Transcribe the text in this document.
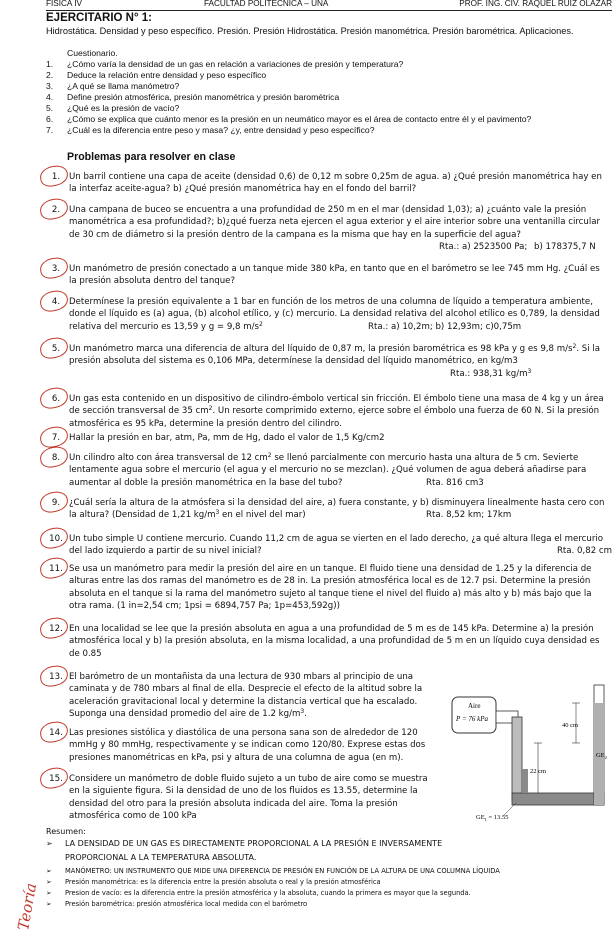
FÍSICA IV	FACULTAD POLITECNICA – UNA	PROF. ING. CIV. RAQUEL RUIZ OLAZAR
EJERCITARIO N° 1:
Hidrostática. Densidad y peso específico. Presión. Presión Hidrostática. Presión manométrica. Presión barométrica. Aplicaciones.
Cuestionario.
1. ¿Cómo varía la densidad de un gas en relación a variaciones de presión y temperatura?
2. Deduce la relación entre densidad y peso específico
3. ¿A qué se llama manómetro?
4. Define presión atmosférica, presión manométrica y presión barométrica
5. ¿Qué es la presión de vacío?
6. ¿Cómo se explica que cuánto menor es la presión en un neumático mayor es el área de contacto entre él y el pavimento?
7. ¿Cuál es la diferencia entre peso y masa? ¿y, entre densidad y peso específico?
Problemas para resolver en clase
1.	Un barril contiene una capa de aceite (densidad 0,6) de 0,12 m sobre 0,25m de agua. a) ¿Qué presión manométrica hay en
la interfaz aceite-agua? b) ¿Qué presión manométrica hay en el fondo del barril?
2.	Una campana de buceo se encuentra a una profundidad de 250 m en el mar (densidad 1,03); a) ¿cuánto vale la presión
manométrica a esa profundidad?; b)¿qué fuerza neta ejercen el agua exterior y el aire interior sobre una ventanilla circular
de 30 cm de diámetro si la presión dentro de la campana es la misma que hay en la superficie del agua?
Rta.: a) 2523500 Pa; b) 178375,7 N
3.	Un manómetro de presión conectado a un tanque mide 380 kPa, en tanto que en el barómetro se lee 745 mm Hg. ¿Cuál es
la presión absoluta dentro del tanque?
4.	Determínese la presión equivalente a 1 bar en función de los metros de una columna de líquido a temperatura ambiente,
donde el líquido es (a) agua, (b) alcohol etílico, y (c) mercurio. La densidad relativa del alcohol etílico es 0,789, la densidad
relativa del mercurio es 13,59 y g = 9,8 $m/s^2$	Rta.: a) 10,2m; b) 12,93m; c)0,75m
5.	Un manómetro marca una diferencia de altura del líquido de 0,87 m, la presión barométrica es 98 kPa y g es 9,8 $m/s^2$. Si la
presión absoluta del sistema es 0,106 MPa, determínese la densidad del líquido manométrico, en kg/m3
Rta.: 938,31 $kg/m^3$
6.	Un gas esta contenido en un dispositivo de cilindro-émbolo vertical sin fricción. El émbolo tiene una masa de 4 kg y un área
de sección transversal de 35 $cm^2$. Un resorte comprimido externo, ejerce sobre el émbolo una fuerza de 60 N. Si la presión
atmosférica es 95 kPa, determine la presión dentro del cilindro.
7.	Hallar la presión en bar, atm, Pa, mm de Hg, dado el valor de 1,5 Kg/cm2
8.	Un cilindro alto con área transversal de 12 $cm^2$ se llenó parcialmente con mercurio hasta una altura de 5 cm. Sevierte
lentamente agua sobre el mercurio (el agua y el mercurio no se mezclan). ¿Qué volumen de agua deberá añadirse para
aumentar al doble la presión manométrica en la base del tubo?	Rta. 816 cm3
9.	¿Cuál sería la altura de la atmósfera si la densidad del aire, a) fuera constante, y b) disminuyera linealmente hasta cero con
la altura? (Densidad de 1,21 $kg/m^3$ en el nivel del mar)	Rta. 8,52 km; 17km
10. Un tubo simple U contiene mercurio. Cuando 11,2 cm de agua se vierten en el lado derecho, ¿a qué altura llega el mercurio
del lado izquierdo a partir de su nivel inicial?	Rta. 0,82 cm
11. Se usa un manómetro para medir la presión del aire en un tanque. El fluido tiene una densidad de 1.25 y la diferencia de
alturas entre las dos ramas del manómetro es de 28 in. La presión atmosférica local es de 12.7 psi. Determine la presión
absoluta en el tanque si la rama del manómetro sujeto al tanque tiene el nivel del fluido a) más alto y b) más bajo que la
otra rama. (1 in=2,54 cm; 1psi = 6894,757 Pa; 1p=453,592g))
12. En una localidad se lee que la presión absoluta en agua a una profundidad de 5 m es de 145 kPa. Determine a) la presión
atmosférica local y b) la presión absoluta, en la misma localidad, a una profundidad de 5 m en un líquido cuya densidad es
de 0.85
13. El barómetro de un montañista da una lectura de 930 mbars al principio de una
caminata y de 780 mbars al final de ella. Desprecie el efecto de la altitud sobre la
aceleración gravitacional local y determine la distancia vertical que ha escalado.
Suponga una densidad promedio del aire de 1.2 $kg/m^3$.
14. Las presiones sistólica y diastólica de una persona sana son de alrededor de 120
mmHg y 80 mmHg, respectivamente y se indican como 120/80. Exprese estas dos
presiones manométricas en kPa, psi y altura de una columna de agua (en m).
15. Considere un manómetro de doble fluido sujeto a un tubo de aire como se muestra
en la siguiente figura. Si la densidad de uno de los fluidos es 13.55, determine la
densidad del otro para la presión absoluta indicada del aire. Toma la presión
atmosférica como de 100 kPa
Aire
P = 76 kPa
40 cm
22 cm
$GE_2$
$GE_1 = 13.55$
Resumen:
➢	LA DENSIDAD DE UN GAS ES DIRECTAMENTE PROPORCIONAL A LA PRESIÓN E INVERSAMENTE
PROPORCIONAL A LA TEMPERATURA ABSOLUTA.
➢	MANÓMETRO: UN INSTRUMENTO QUE MIDE UNA DIFERENCIA DE PRESIÓN EN FUNCIÓN DE LA ALTURA DE UNA COLUMNA LÍQUIDA
➢	Presión manométrica: es la diferencia entre la presión absoluta o real y la presión atmosférica
➢	Presion de vacío: es la diferencia entre la presión atmosférica y la absoluta, cuando la primera es mayor que la segunda.
➢	Presión barométrica: presión atmosférica local medida con el barómetro
Teoría
